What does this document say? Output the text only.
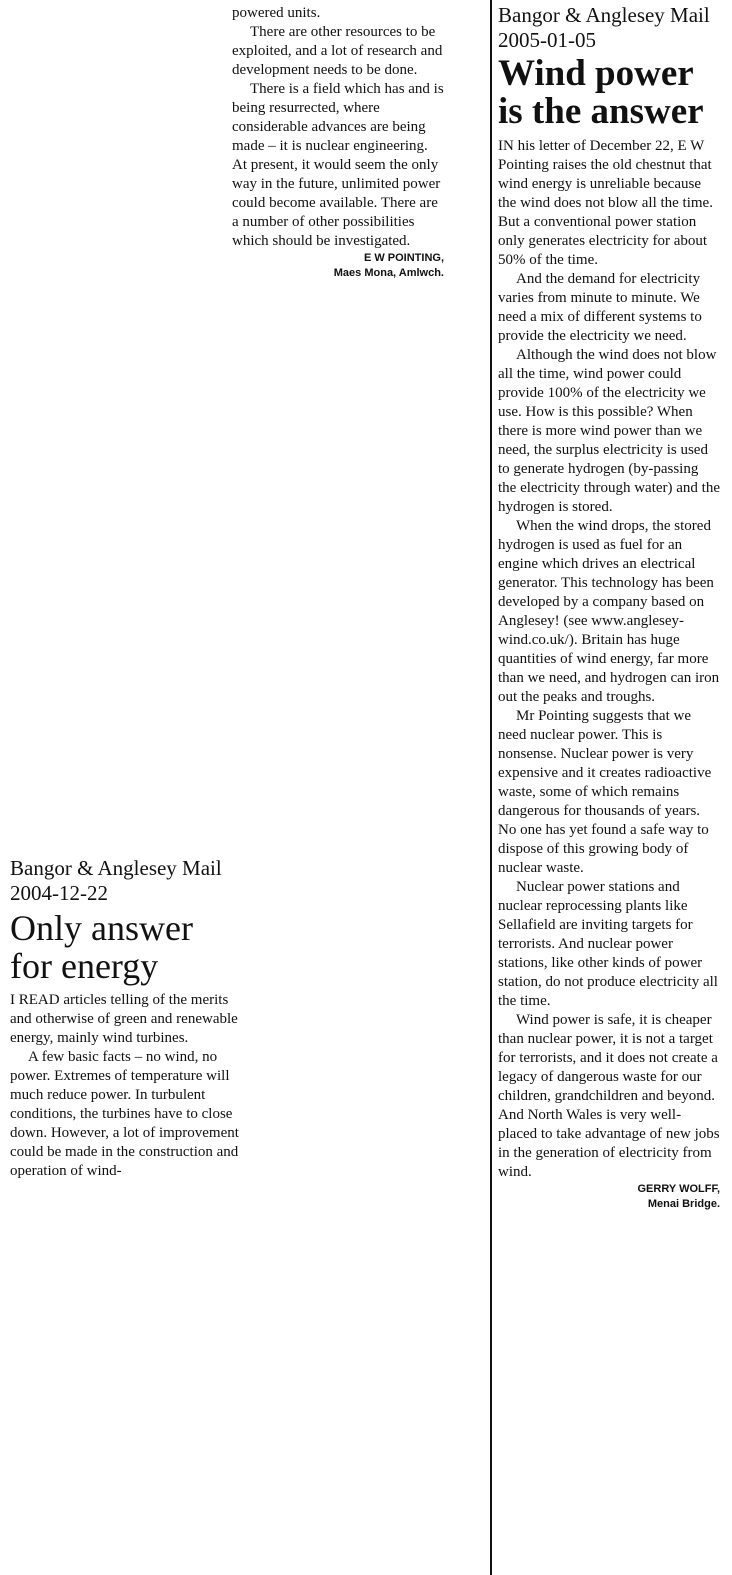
powered units.

There are other resources to be exploited, and a lot of research and development needs to be done.

There is a field which has and is being resurrected, where considerable advances are being made – it is nuclear engineering. At present, it would seem the only way in the future, unlimited power could become available. There are a number of other possibilities which should be investigated.

E W POINTING,
Maes Mona, Amlwch.
Bangor & Anglesey Mail
2004-12-22
Only answer
for energy

I READ articles telling of the merits and otherwise of green and renewable energy, mainly wind turbines.

A few basic facts – no wind, no power. Extremes of temperature will much reduce power. In turbulent conditions, the turbines have to close down. However, a lot of improvement could be made in the construction and operation of wind-

Bangor & Anglesey Mail
2005-01-05
Wind power
is the answer

IN his letter of December 22, E W Pointing raises the old chestnut that wind energy is unreliable because the wind does not blow all the time. But a conventional power station only generates electricity for about 50% of the time.

And the demand for electricity varies from minute to minute. We need a mix of different systems to provide the electricity we need.

Although the wind does not blow all the time, wind power could provide 100% of the electricity we use. How is this possible? When there is more wind power than we need, the surplus electricity is used to generate hydrogen (by-passing the electricity through water) and the hydrogen is stored.

When the wind drops, the stored hydrogen is used as fuel for an engine which drives an electrical generator. This technology has been developed by a company based on Anglesey! (see www.anglesey-wind.co.uk/). Britain has huge quantities of wind energy, far more than we need, and hydrogen can iron out the peaks and troughs.

Mr Pointing suggests that we need nuclear power. This is nonsense. Nuclear power is very expensive and it creates radioactive waste, some of which remains dangerous for thousands of years. No one has yet found a safe way to dispose of this growing body of nuclear waste.

Nuclear power stations and nuclear reprocessing plants like Sellafield are inviting targets for terrorists. And nuclear power stations, like other kinds of power station, do not produce electricity all the time.

Wind power is safe, it is cheaper than nuclear power, it is not a target for terrorists, and it does not create a legacy of dangerous waste for our children, grandchildren and beyond. And North Wales is very well-placed to take advantage of new jobs in the generation of electricity from wind.

GERRY WOLFF,
Menai Bridge.
